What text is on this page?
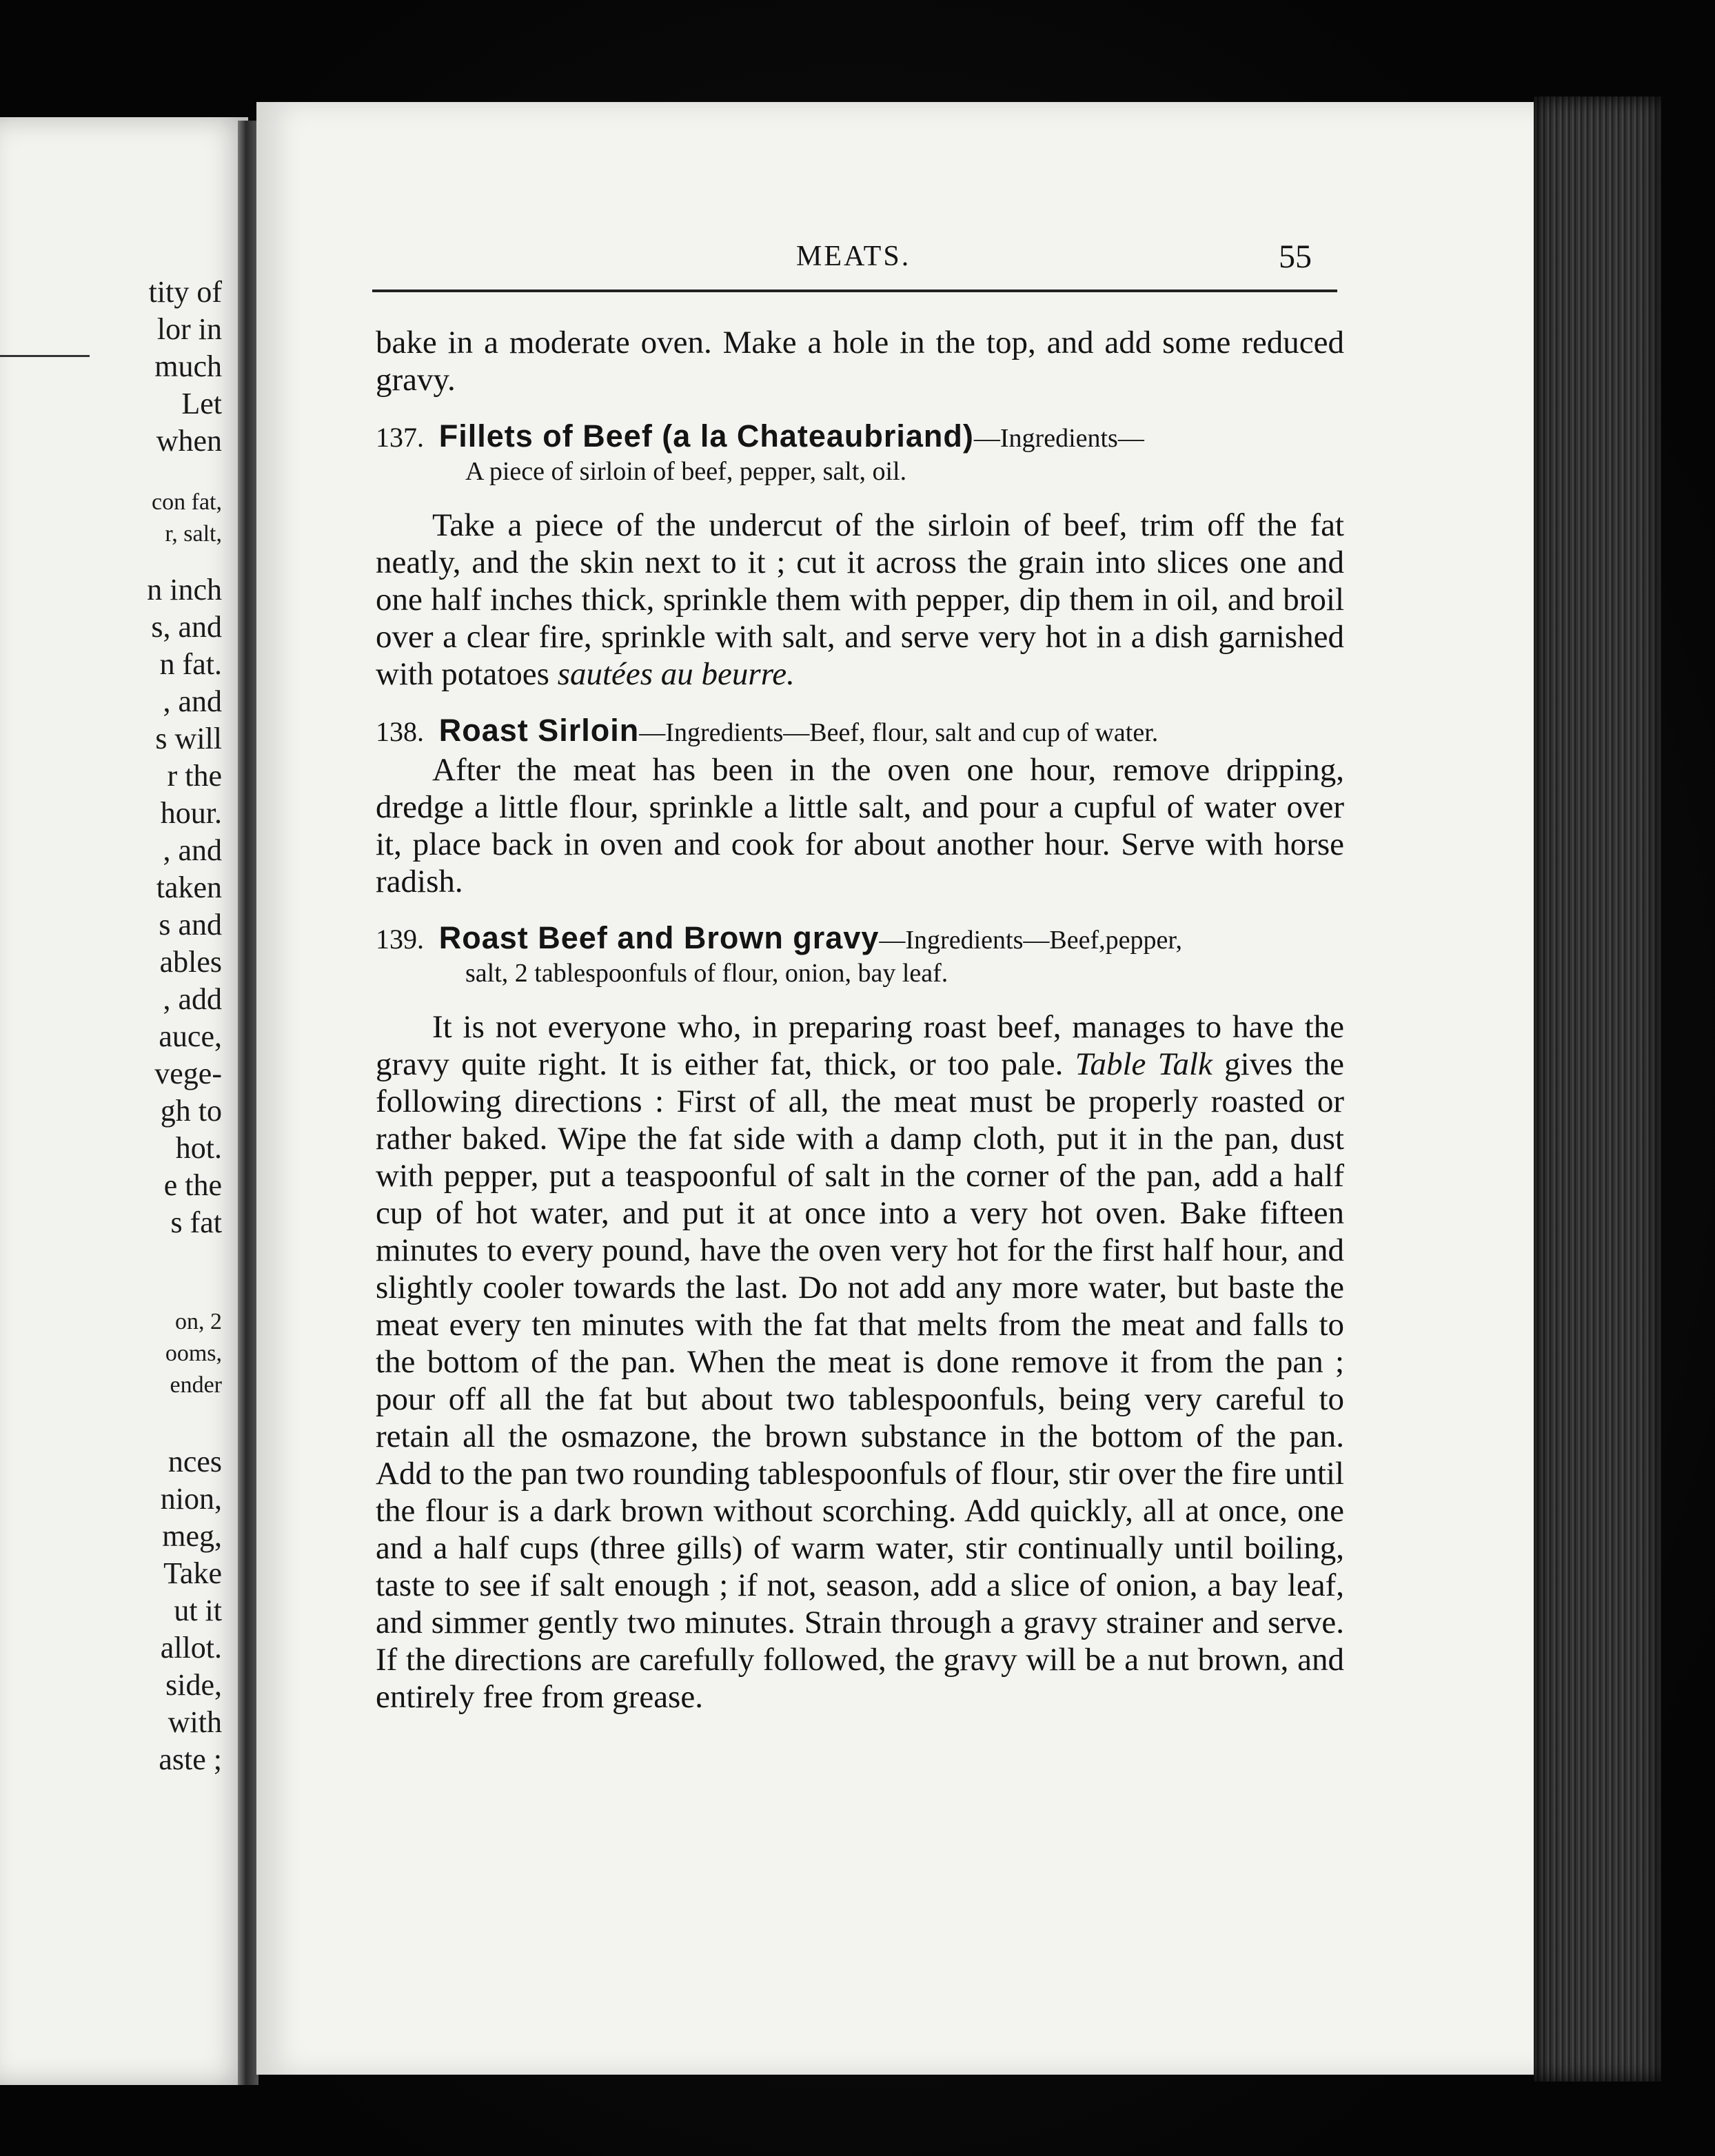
tity of
lor in
much
Let
when
con fat,
r, salt,
n inch
s, and
n fat.
, and
s will
r the
hour.
, and
taken
s and
ables
, add
auce,
vege-
gh to
hot.
e the
s fat
on, 2
ooms,
ender
nces
nion,
meg,
Take
ut it
allot.
side,
with
aste ;
MEATS.	55

bake in a moderate oven. Make a hole in the top, and add some reduced gravy.

137. Fillets of Beef (a la Chateaubriand)—Ingredients—
A piece of sirloin of beef, pepper, salt, oil.

Take a piece of the undercut of the sirloin of beef, trim off the fat neatly, and the skin next to it ; cut it across the grain into slices one and one half inches thick, sprinkle them with pepper, dip them in oil, and broil over a clear fire, sprinkle with salt, and serve very hot in a dish garnished with potatoes sautées au beurre.

138. Roast Sirloin—Ingredients—Beef, flour, salt and cup of water.

After the meat has been in the oven one hour, remove dripping, dredge a little flour, sprinkle a little salt, and pour a cupful of water over it, place back in oven and cook for about another hour. Serve with horse radish.

139. Roast Beef and Brown gravy—Ingredients—Beef,pepper,
salt, 2 tablespoonfuls of flour, onion, bay leaf.

It is not everyone who, in preparing roast beef, manages to have the gravy quite right. It is either fat, thick, or too pale. Table Talk gives the following directions : First of all, the meat must be properly roasted or rather baked. Wipe the fat side with a damp cloth, put it in the pan, dust with pepper, put a teaspoonful of salt in the corner of the pan, add a half cup of hot water, and put it at once into a very hot oven. Bake fifteen minutes to every pound, have the oven very hot for the first half hour, and slightly cooler towards the last. Do not add any more water, but baste the meat every ten minutes with the fat that melts from the meat and falls to the bottom of the pan. When the meat is done remove it from the pan ; pour off all the fat but about two tablespoonfuls, being very careful to retain all the osmazone, the brown substance in the bottom of the pan. Add to the pan two rounding tablespoonfuls of flour, stir over the fire until the flour is a dark brown without scorching. Add quickly, all at once, one and a half cups (three gills) of warm water, stir continually until boiling, taste to see if salt enough ; if not, season, add a slice of onion, a bay leaf, and simmer gently two minutes. Strain through a gravy strainer and serve. If the directions are carefully followed, the gravy will be a nut brown, and entirely free from grease.
